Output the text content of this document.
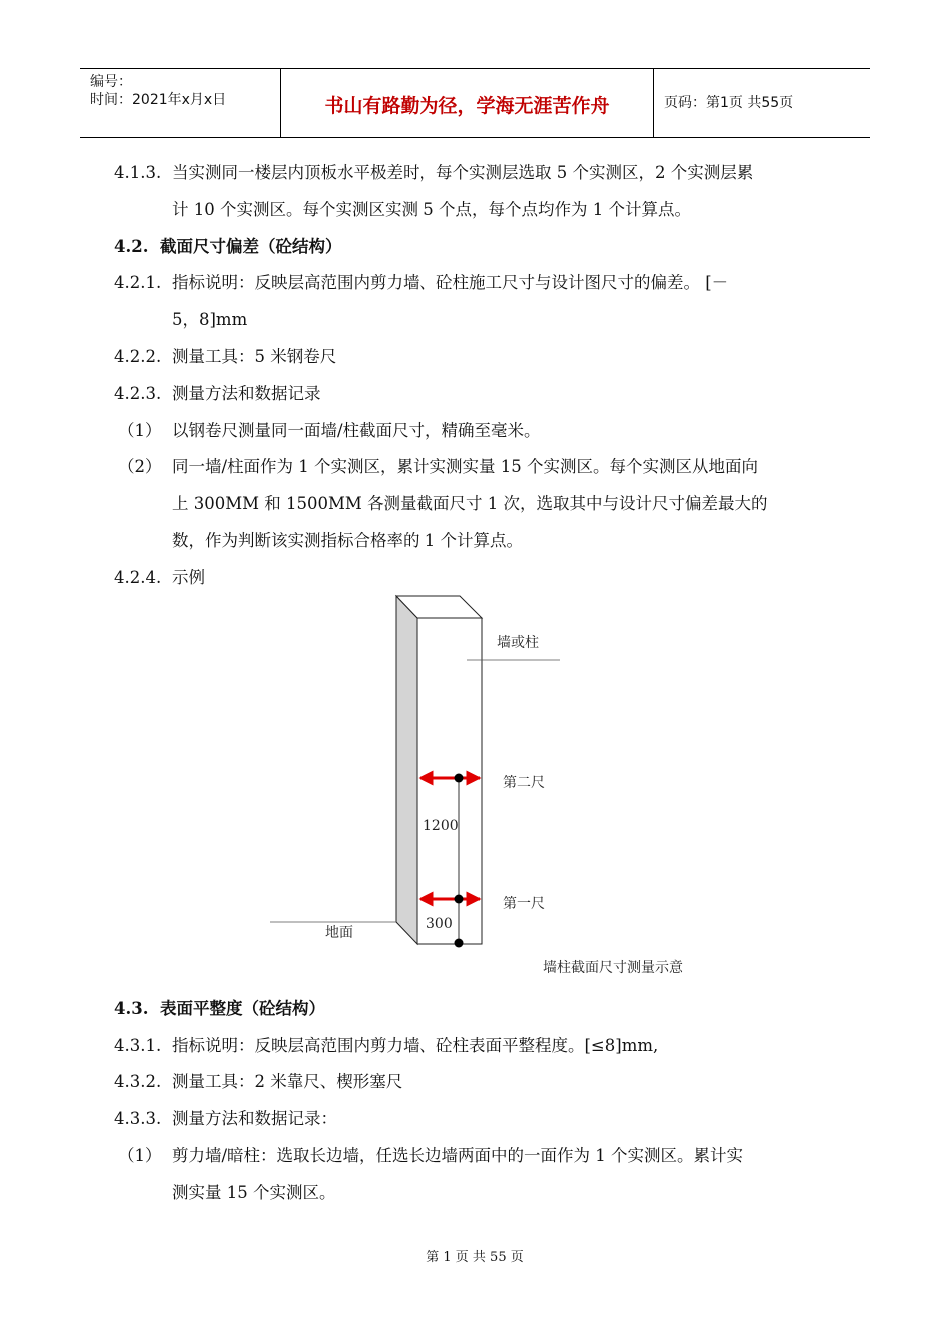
编号：
时间：2021年x月x日	书山有路勤为径，学海无涯苦作舟	页码：第1页 共55页
4.1.3. 当实测同一楼层内顶板水平极差时，每个实测层选取 5 个实测区，2 个实测层累
计 10 个实测区。每个实测区实测 5 个点，每个点均作为 1 个计算点。
4.2. 截面尺寸偏差（砼结构）
4.2.1. 指标说明：反映层高范围内剪力墙、砼柱施工尺寸与设计图尺寸的偏差。 [－
5，8]mm
4.2.2. 测量工具：5 米钢卷尺
4.2.3. 测量方法和数据记录
（1） 以钢卷尺测量同一面墙/柱截面尺寸，精确至毫米。
（2） 同一墙/柱面作为 1 个实测区，累计实测实量 15 个实测区。每个实测区从地面向
上 300MM 和 1500MM 各测量截面尺寸 1 次，选取其中与设计尺寸偏差最大的
数，作为判断该实测指标合格率的 1 个计算点。
4.2.4. 示例
墙或柱
第二尺
1200
第一尺
300
地面
墙柱截面尺寸测量示意
4.3. 表面平整度（砼结构）
4.3.1. 指标说明：反映层高范围内剪力墙、砼柱表面平整程度。[≤8]mm,
4.3.2. 测量工具：2 米靠尺、楔形塞尺
4.3.3. 测量方法和数据记录：
（1） 剪力墙/暗柱：选取长边墙，任选长边墙两面中的一面作为 1 个实测区。累计实
测实量 15 个实测区。
第 1 页 共 55 页
